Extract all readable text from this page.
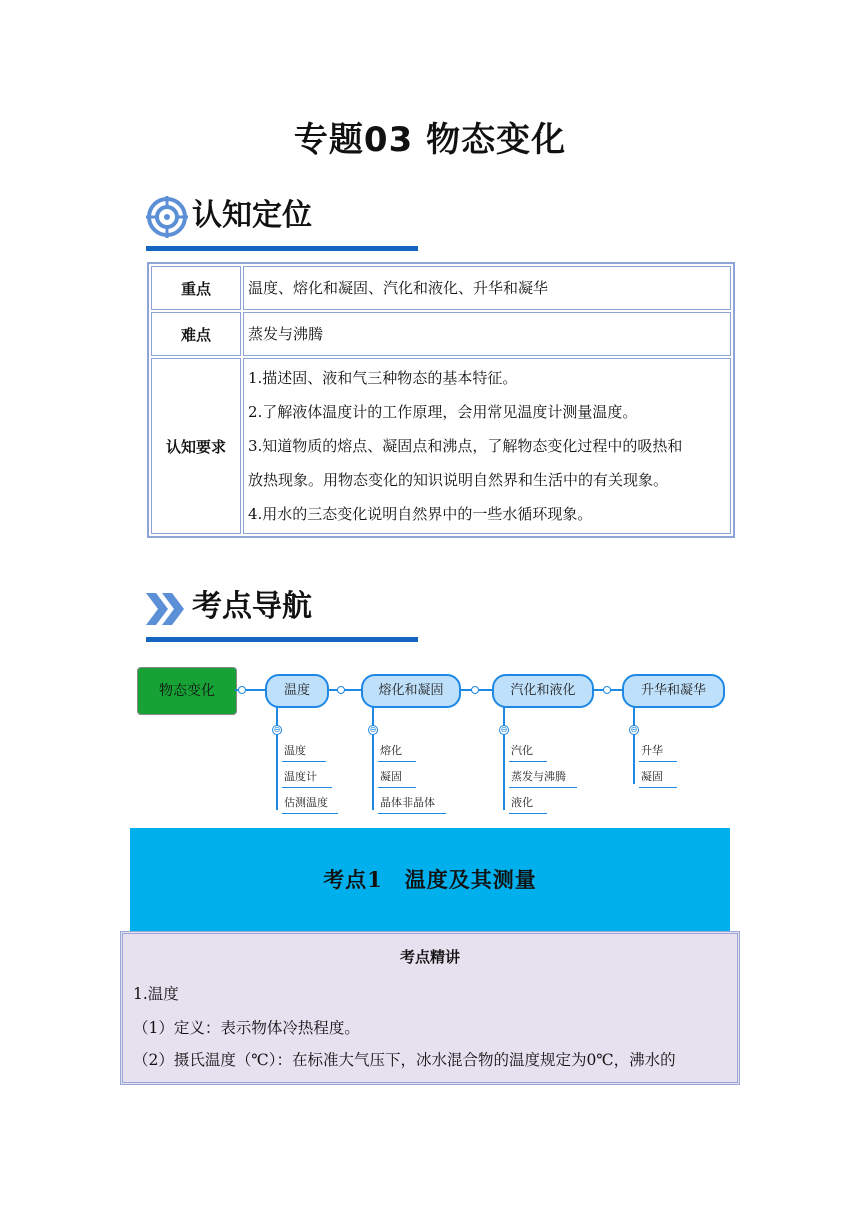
专题03 物态变化
认知定位
重点	温度、熔化和凝固、汽化和液化、升华和凝华
难点	蒸发与沸腾
认知要求	1.描述固、液和气三种物态的基本特征。
2.了解液体温度计的工作原理，会用常见温度计测量温度。
3.知道物质的熔点、凝固点和沸点，了解物态变化过程中的吸热和
放热现象。用物态变化的知识说明自然界和生活中的有关现象。
4.用水的三态变化说明自然界中的一些水循环现象。
考点导航
物态变化	温度	熔化和凝固	汽化和液化	升华和凝华
⊖
温度
温度计
估测温度
⊖
熔化
凝固
晶体非晶体
⊖
汽化
蒸发与沸腾
液化
⊖
升华
凝固
考点1　温度及其测量
考点精讲
1.温度
（1）定义：表示物体冷热程度。
（2）摄氏温度（℃）：在标准大气压下，冰水混合物的温度规定为0℃，沸水的
